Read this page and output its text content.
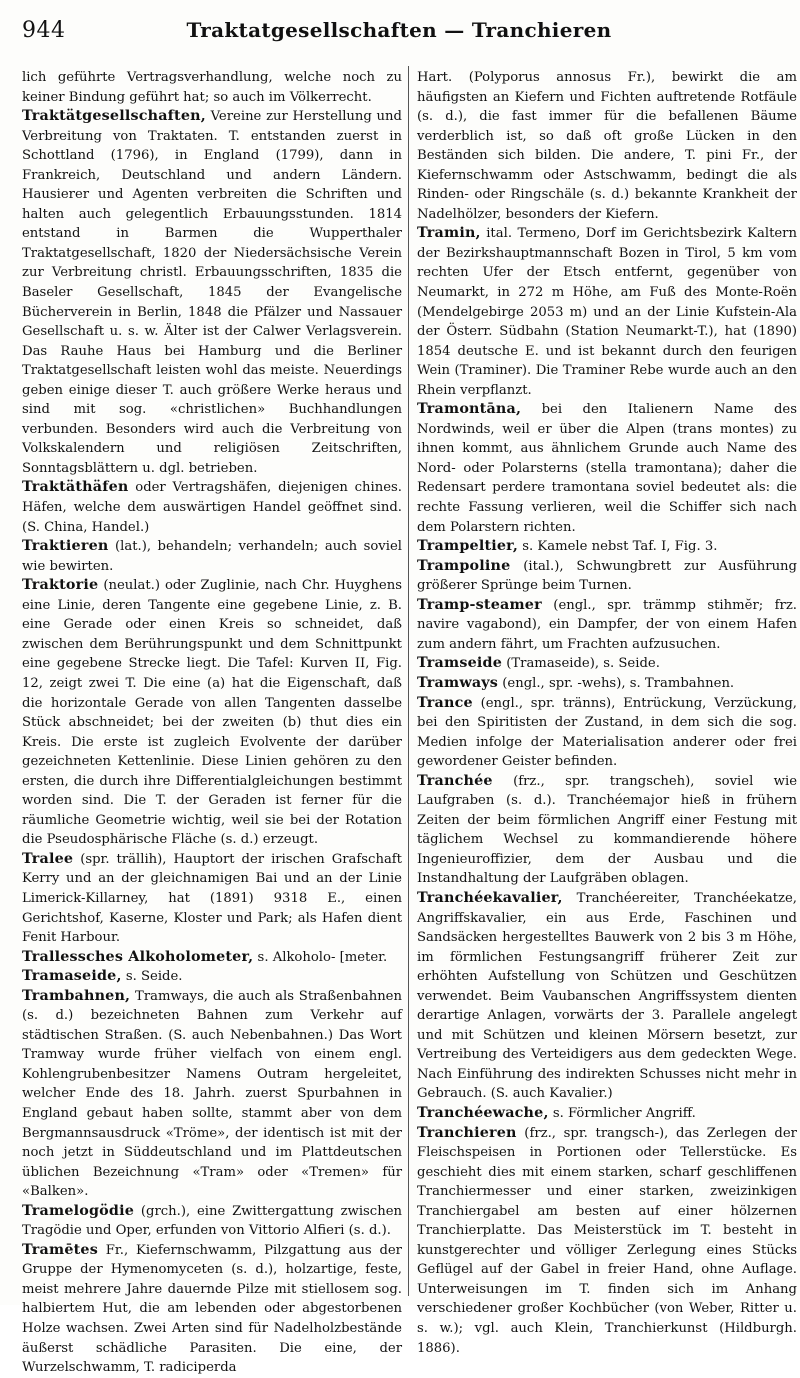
944	Traktatgesellschaften — Tranchieren

lich geführte Vertragsverhandlung, welche noch zu keiner Bindung geführt hat; so auch im Völkerrecht.

Traktätgesellschaften, Vereine zur Herstellung und Verbreitung von Traktaten. T. entstanden zuerst in Schottland (1796), in England (1799), dann in Frankreich, Deutschland und andern Ländern. Hausierer und Agenten verbreiten die Schriften und halten auch gelegentlich Erbauungsstunden. 1814 entstand in Barmen die Wupperthaler Traktatgesellschaft, 1820 der Niedersächsische Verein zur Verbreitung christl. Erbauungsschriften, 1835 die Baseler Gesellschaft, 1845 der Evangelische Bücherverein in Berlin, 1848 die Pfälzer und Nassauer Gesellschaft u. s. w. Älter ist der Calwer Verlagsverein. Das Rauhe Haus bei Hamburg und die Berliner Traktatgesellschaft leisten wohl das meiste. Neuerdings geben einige dieser T. auch größere Werke heraus und sind mit sog. «christlichen» Buchhandlungen verbunden. Besonders wird auch die Verbreitung von Volkskalendern und religiösen Zeitschriften, Sonntagsblättern u. dgl. betrieben.

Traktäthäfen oder Vertragshäfen, diejenigen chines. Häfen, welche dem auswärtigen Handel geöffnet sind. (S. China, Handel.)

Traktieren (lat.), behandeln; verhandeln; auch soviel wie bewirten.

Traktorie (neulat.) oder Zuglinie, nach Chr. Huyghens eine Linie, deren Tangente eine gegebene Linie, z. B. eine Gerade oder einen Kreis so schneidet, daß zwischen dem Berührungspunkt und dem Schnittpunkt eine gegebene Strecke liegt. Die Tafel: Kurven II, Fig. 12, zeigt zwei T. Die eine (a) hat die Eigenschaft, daß die horizontale Gerade von allen Tangenten dasselbe Stück abschneidet; bei der zweiten (b) thut dies ein Kreis. Die erste ist zugleich Evolvente der darüber gezeichneten Kettenlinie. Diese Linien gehören zu den ersten, die durch ihre Differentialgleichungen bestimmt worden sind. Die T. der Geraden ist ferner für die räumliche Geometrie wichtig, weil sie bei der Rotation die Pseudosphärische Fläche (s. d.) erzeugt.

Tralee (spr. trällih), Hauptort der irischen Grafschaft Kerry und an der gleichnamigen Bai und an der Linie Limerick-Killarney, hat (1891) 9318 E., einen Gerichtshof, Kaserne, Kloster und Park; als Hafen dient Fenit Harbour.

Trallessches Alkoholometer, s. Alkoholo- [meter.

Tramaseide, s. Seide.

Trambahnen, Tramways, die auch als Straßenbahnen (s. d.) bezeichneten Bahnen zum Verkehr auf städtischen Straßen. (S. auch Nebenbahnen.) Das Wort Tramway wurde früher vielfach von einem engl. Kohlengrubenbesitzer Namens Outram hergeleitet, welcher Ende des 18. Jahrh. zuerst Spurbahnen in England gebaut haben sollte, stammt aber von dem Bergmannsausdruck «Tröme», der identisch ist mit der noch jetzt in Süddeutschland und im Plattdeutschen üblichen Bezeichnung «Tram» oder «Tremen» für «Balken».

Tramelogödie (grch.), eine Zwittergattung zwischen Tragödie und Oper, erfunden von Vittorio Alfieri (s. d.).

Tramētes Fr., Kiefernschwamm, Pilzgattung aus der Gruppe der Hymenomyceten (s. d.), holzartige, feste, meist mehrere Jahre dauernde Pilze mit stiellosem sog. halbiertem Hut, die am lebenden oder abgestorbenen Holze wachsen. Zwei Arten sind für Nadelholzbestände äußerst schädliche Parasiten. Die eine, der Wurzelschwamm, T. radiciperda

Hart. (Polyporus annosus Fr.), bewirkt die am häufigsten an Kiefern und Fichten auftretende Rotfäule (s. d.), die fast immer für die befallenen Bäume verderblich ist, so daß oft große Lücken in den Beständen sich bilden. Die andere, T. pini Fr., der Kiefernschwamm oder Astschwamm, bedingt die als Rinden- oder Ringschäle (s. d.) bekannte Krankheit der Nadelhölzer, besonders der Kiefern.

Tramin, ital. Termeno, Dorf im Gerichtsbezirk Kaltern der Bezirkshauptmannschaft Bozen in Tirol, 5 km vom rechten Ufer der Etsch entfernt, gegenüber von Neumarkt, in 272 m Höhe, am Fuß des Monte-Roën (Mendelgebirge 2053 m) und an der Linie Kufstein-Ala der Österr. Südbahn (Station Neumarkt-T.), hat (1890) 1854 deutsche E. und ist bekannt durch den feurigen Wein (Traminer). Die Traminer Rebe wurde auch an den Rhein verpflanzt.

Tramontāna, bei den Italienern Name des Nordwinds, weil er über die Alpen (trans montes) zu ihnen kommt, aus ähnlichem Grunde auch Name des Nord- oder Polarsterns (stella tramontana); daher die Redensart perdere tramontana soviel bedeutet als: die rechte Fassung verlieren, weil die Schiffer sich nach dem Polarstern richten.

Trampeltier, s. Kamele nebst Taf. I, Fig. 3.

Trampoline (ital.), Schwungbrett zur Ausführung größerer Sprünge beim Turnen.

Tramp-steamer (engl., spr. trämmp stihmĕr; frz. navire vagabond), ein Dampfer, der von einem Hafen zum andern fährt, um Frachten aufzusuchen.

Tramseide (Tramaseide), s. Seide.

Tramways (engl., spr. -wehs), s. Trambahnen.

Trance (engl., spr. tränns), Entrückung, Verzückung, bei den Spiritisten der Zustand, in dem sich die sog. Medien infolge der Materialisation anderer oder frei gewordener Geister befinden.

Tranchée (frz., spr. trangscheh), soviel wie Laufgraben (s. d.). Tranchéemajor hieß in frühern Zeiten der beim förmlichen Angriff einer Festung mit täglichem Wechsel zu kommandierende höhere Ingenieuroffizier, dem der Ausbau und die Instandhaltung der Laufgräben oblagen.

Tranchéekavalier, Tranchéereiter, Tranchéekatze, Angriffskavalier, ein aus Erde, Faschinen und Sandsäcken hergestelltes Bauwerk von 2 bis 3 m Höhe, im förmlichen Festungsangriff früherer Zeit zur erhöhten Aufstellung von Schützen und Geschützen verwendet. Beim Vaubanschen Angriffssystem dienten derartige Anlagen, vorwärts der 3. Parallele angelegt und mit Schützen und kleinen Mörsern besetzt, zur Vertreibung des Verteidigers aus dem gedeckten Wege. Nach Einführung des indirekten Schusses nicht mehr in Gebrauch. (S. auch Kavalier.)

Tranchéewache, s. Förmlicher Angriff.

Tranchieren (frz., spr. trangsch-), das Zerlegen der Fleischspeisen in Portionen oder Tellerstücke. Es geschieht dies mit einem starken, scharf geschliffenen Tranchiermesser und einer starken, zweizinkigen Tranchiergabel am besten auf einer hölzernen Tranchierplatte. Das Meisterstück im T. besteht in kunstgerechter und völliger Zerlegung eines Stücks Geflügel auf der Gabel in freier Hand, ohne Auflage. Unterweisungen im T. finden sich im Anhang verschiedener großer Kochbücher (von Weber, Ritter u. s. w.); vgl. auch Klein, Tranchierkunst (Hildburgh. 1886).
